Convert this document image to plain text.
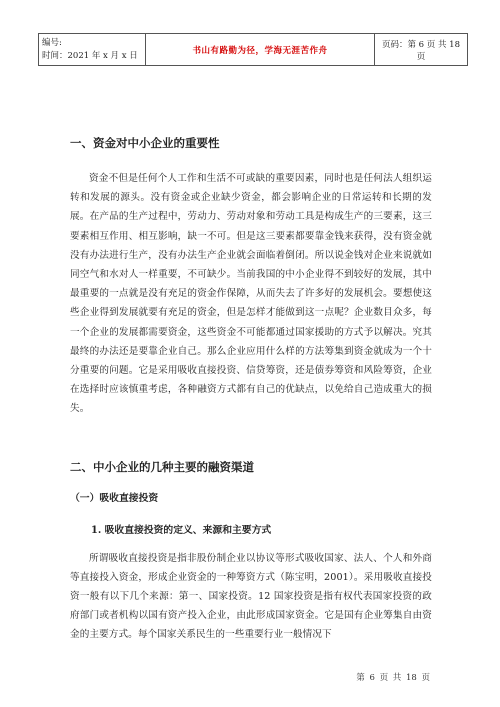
编号:
时间：2021 年 x 月 x 日	书山有路勤为径，学海无涯苦作舟	页码：第 6 页 共 18 页

一、资金对中小企业的重要性

资金不但是任何个人工作和生活不可或缺的重要因素，同时也是任何法人组织运转和发展的源头。没有资金或企业缺少资金，都会影响企业的日常运转和长期的发展。在产品的生产过程中，劳动力、劳动对象和劳动工具是构成生产的三要素，这三要素相互作用、相互影响，缺一不可。但是这三要素都要靠金钱来获得，没有资金就没有办法进行生产，没有办法生产企业就会面临着倒闭。所以说金钱对企业来说就如同空气和水对人一样重要，不可缺少。当前我国的中小企业得不到较好的发展，其中最重要的一点就是没有充足的资金作保障，从而失去了许多好的发展机会。要想使这些企业得到发展就要有充足的资金，但是怎样才能做到这一点呢？企业数目众多，每一个企业的发展都需要资金，这些资金不可能都通过国家援助的方式予以解决。究其最终的办法还是要靠企业自己。那么企业应用什么样的方法筹集到资金就成为一个十分重要的问题。它是采用吸收直接投资、信贷筹资，还是债券筹资和风险筹资，企业在选择时应该慎重考虑，各种融资方式都有自己的优缺点，以免给自己造成重大的损失。

二、中小企业的几种主要的融资渠道

（一）吸收直接投资

1. 吸收直接投资的定义、来源和主要方式

所谓吸收直接投资是指非股份制企业以协议等形式吸收国家、法人、个人和外商等直接投入资金，形成企业资金的一种筹资方式（陈宝明，2001）。采用吸收直接投资一般有以下几个来源：第一、国家投资。12 国家投资是指有权代表国家投资的政府部门或者机构以国有资产投入企业，由此形成国家资金。它是国有企业筹集自由资金的主要方式。每个国家关系民生的一些重要行业一般情况下

第 6 页 共 18 页
